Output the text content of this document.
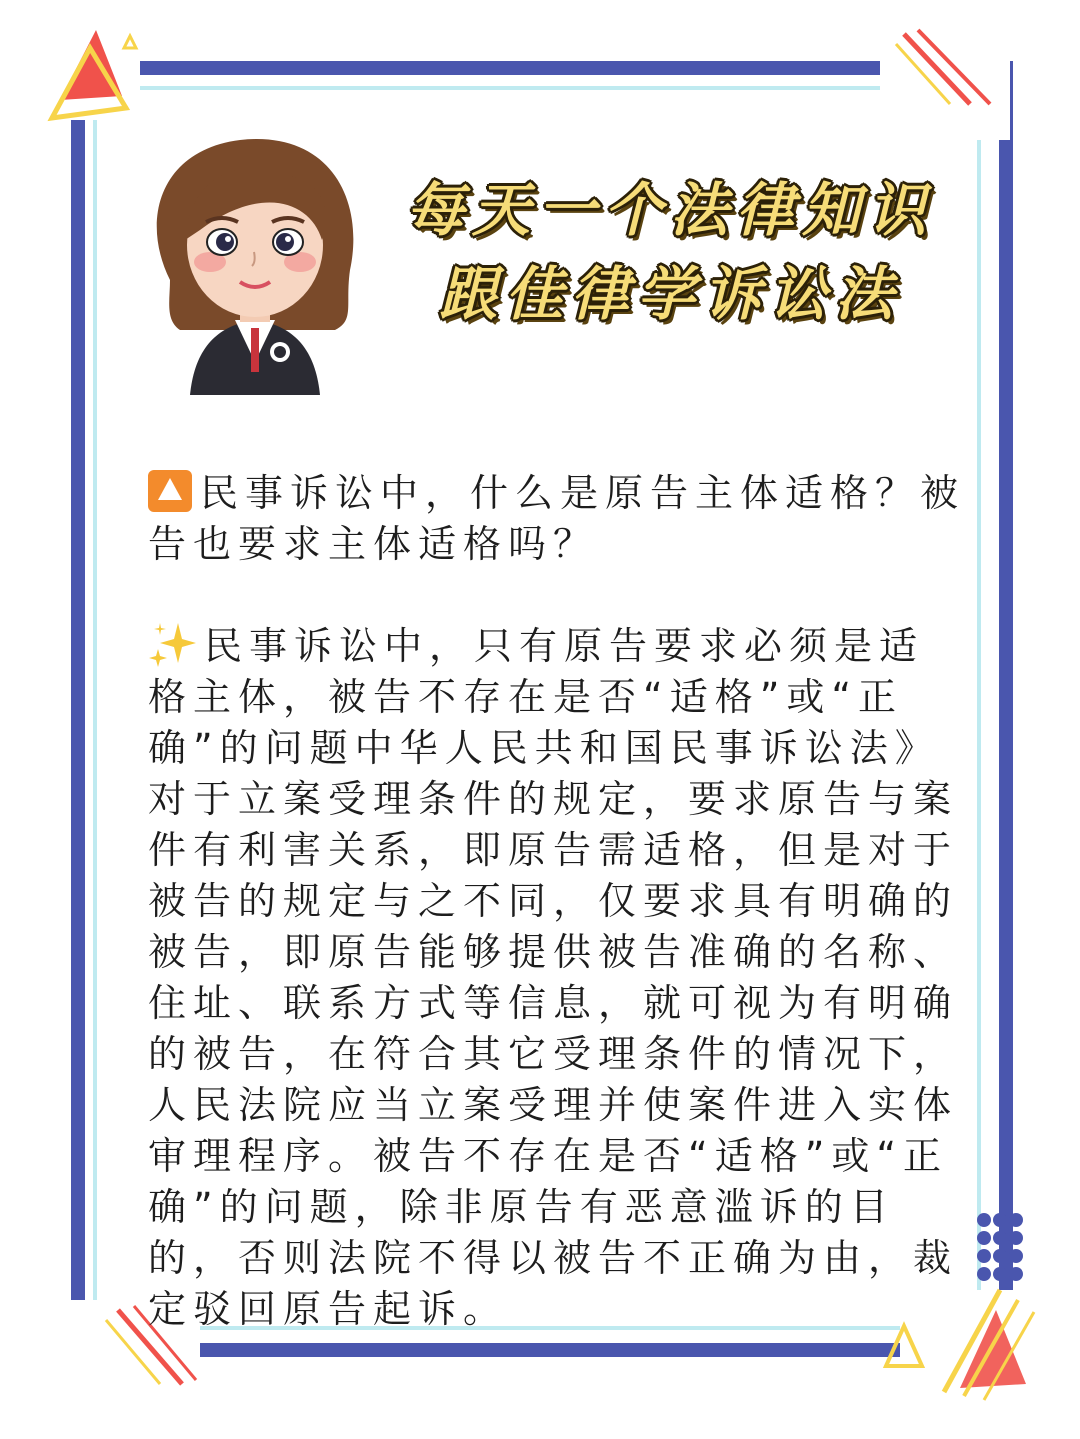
每天一个法律知识
跟佳律学诉讼法

民事诉讼中，什么是原告主体适格？被告也要求主体适格吗？

民事诉讼中，只有原告要求必须是适格主体，被告不存在是否“适格”或“正确”的问题中华人民共和国民事诉讼法》对于立案受理条件的规定，要求原告与案件有利害关系，即原告需适格，但是对于被告的规定与之不同，仅要求具有明确的被告，即原告能够提供被告准确的名称、住址、联系方式等信息，就可视为有明确的被告，在符合其它受理条件的情况下，人民法院应当立案受理并使案件进入实体审理程序。被告不存在是否“适格”或“正确”的问题，除非原告有恶意滥诉的目的，否则法院不得以被告不正确为由，裁定驳回原告起诉。
